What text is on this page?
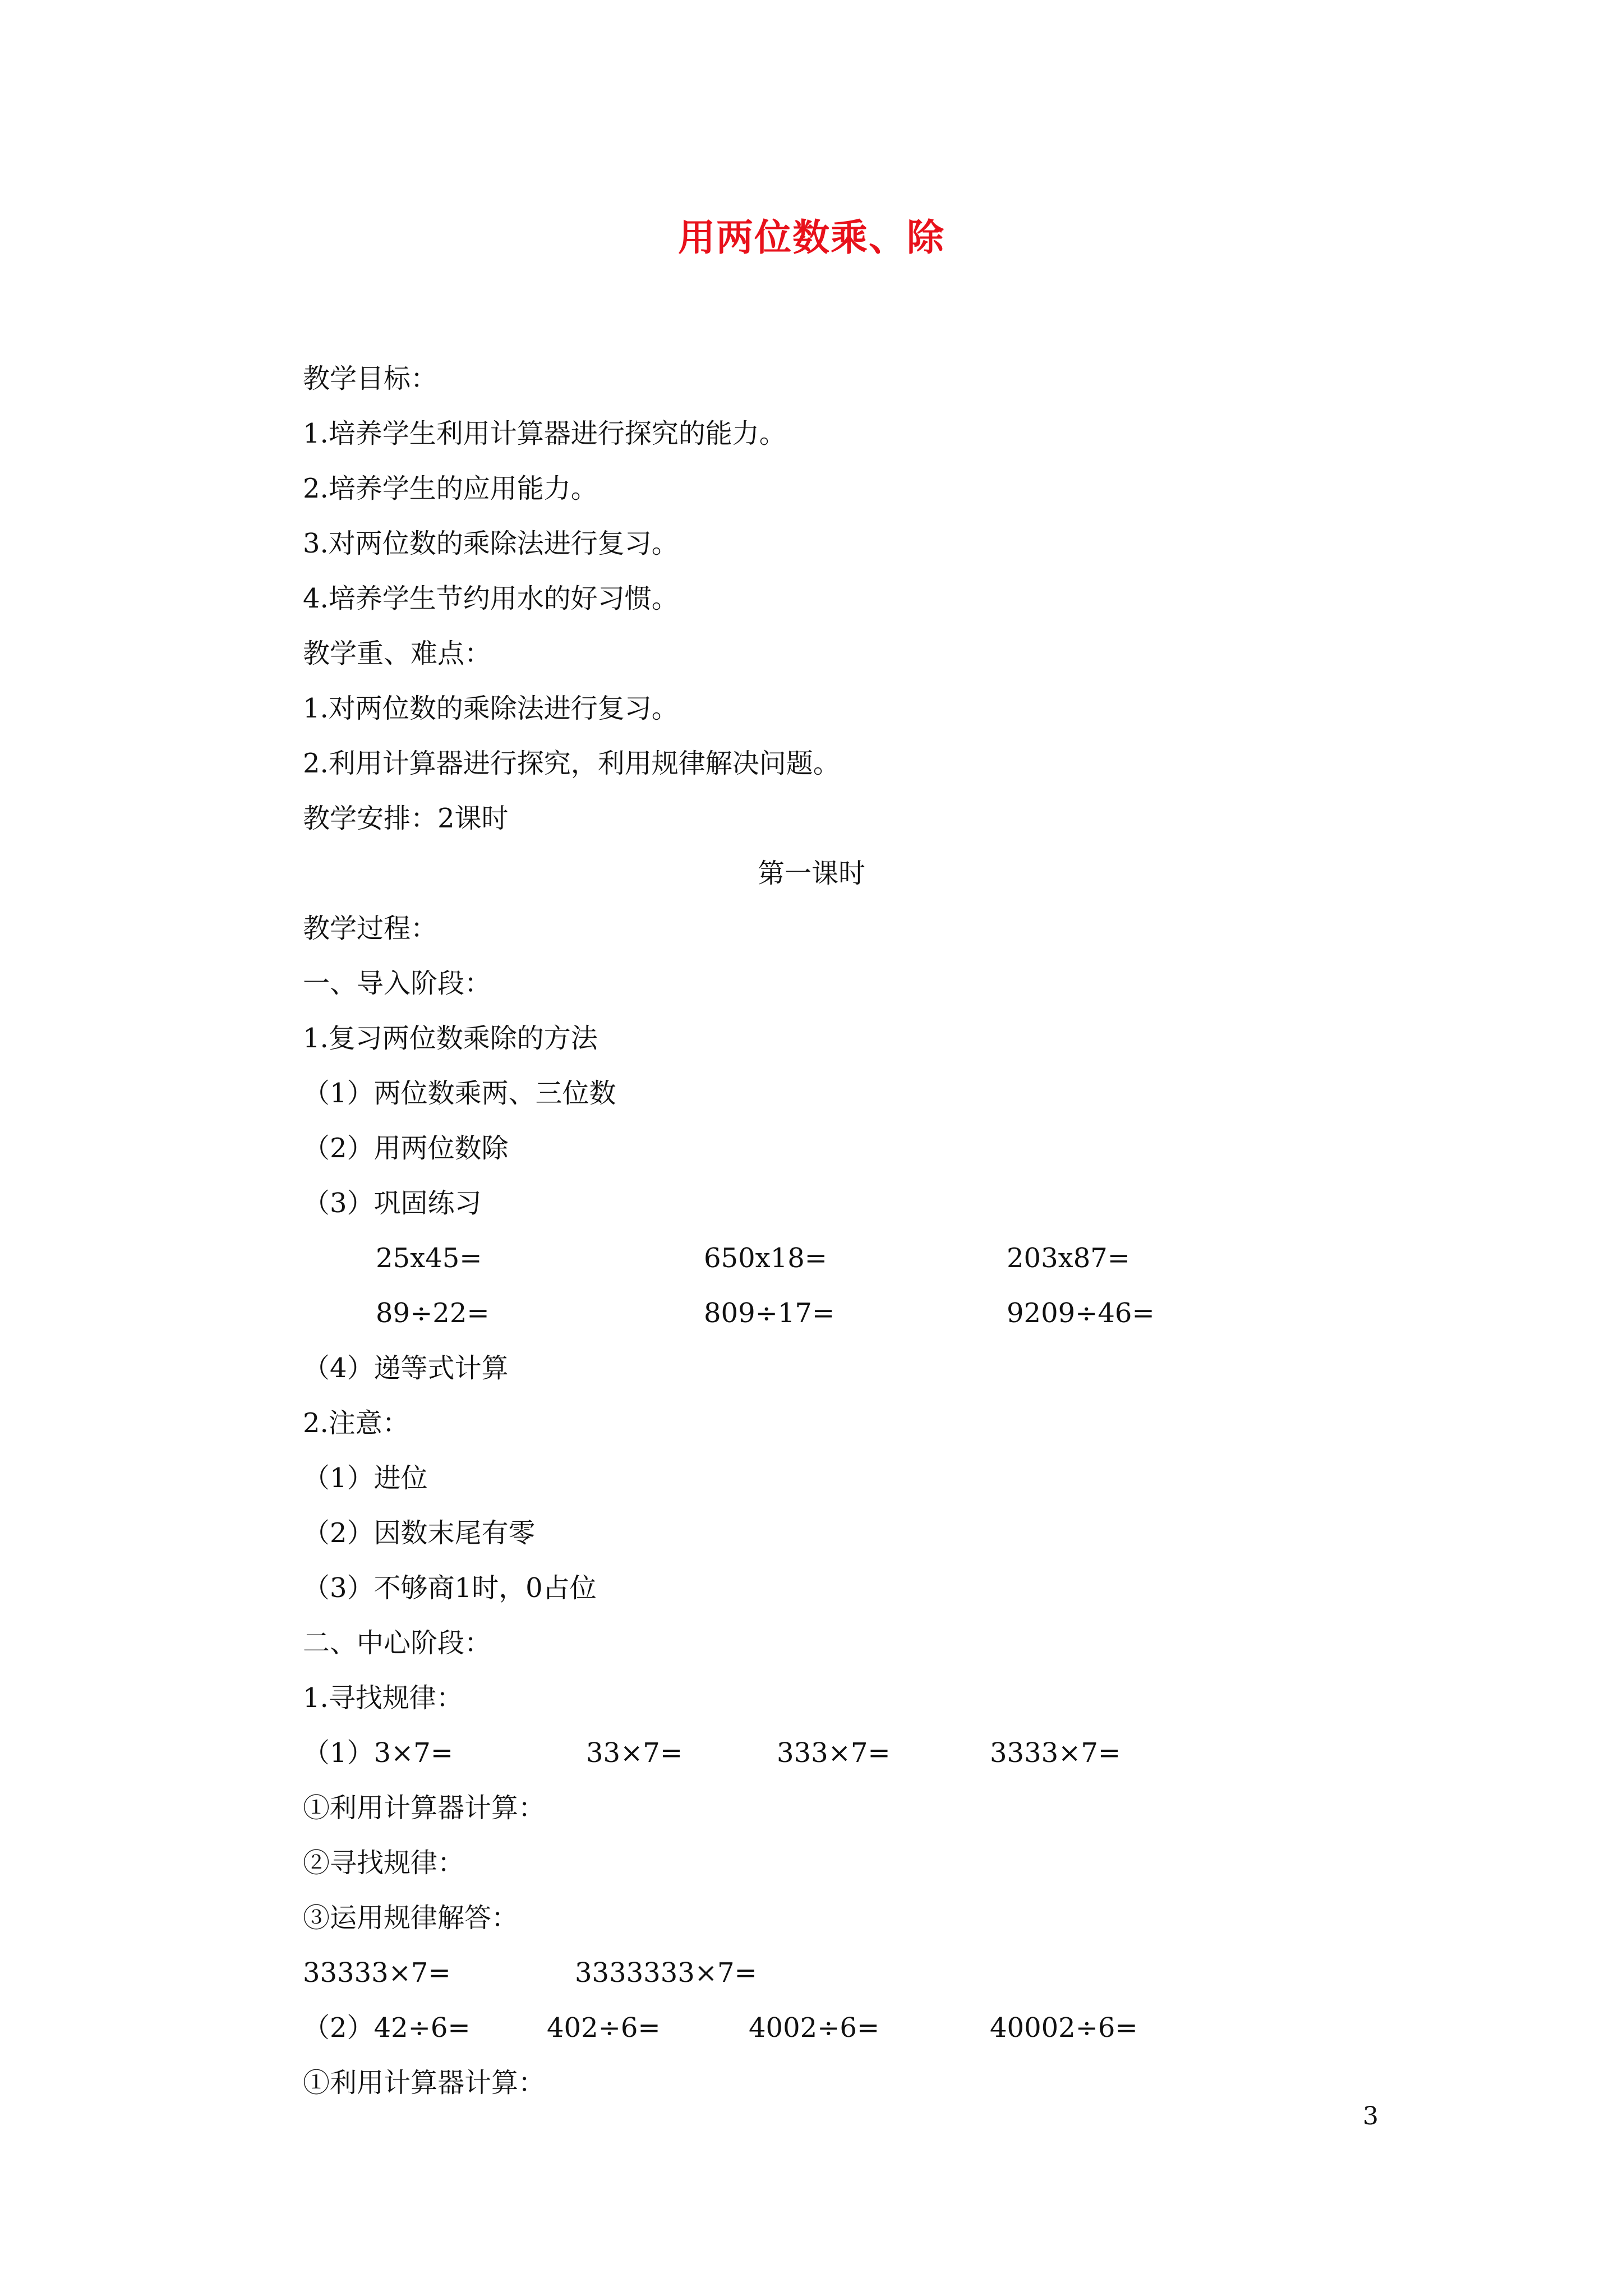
用两位数乘、除
教学目标：
1.培养学生利用计算器进行探究的能力。
2.培养学生的应用能力。
3.对两位数的乘除法进行复习。
4.培养学生节约用水的好习惯。
教学重、难点：
1.对两位数的乘除法进行复习。
2.利用计算器进行探究，利用规律解决问题。
教学安排：2课时
第一课时
教学过程：
一、导入阶段：
1.复习两位数乘除的方法
（1）两位数乘两、三位数
（2）用两位数除
（3）巩固练习
25x45=	650x18=	203x87=
89÷22=	809÷17=	9209÷46=
（4）递等式计算
2.注意：
（1）进位
（2）因数末尾有零
（3）不够商1时，0占位
二、中心阶段：
1.寻找规律：
（1）3×7=	33×7=	333×7=	3333×7=
①利用计算器计算：
②寻找规律：
③运用规律解答：
33333×7=	3333333×7=
（2）42÷6=	402÷6=	4002÷6=	40002÷6=
①利用计算器计算：
3
